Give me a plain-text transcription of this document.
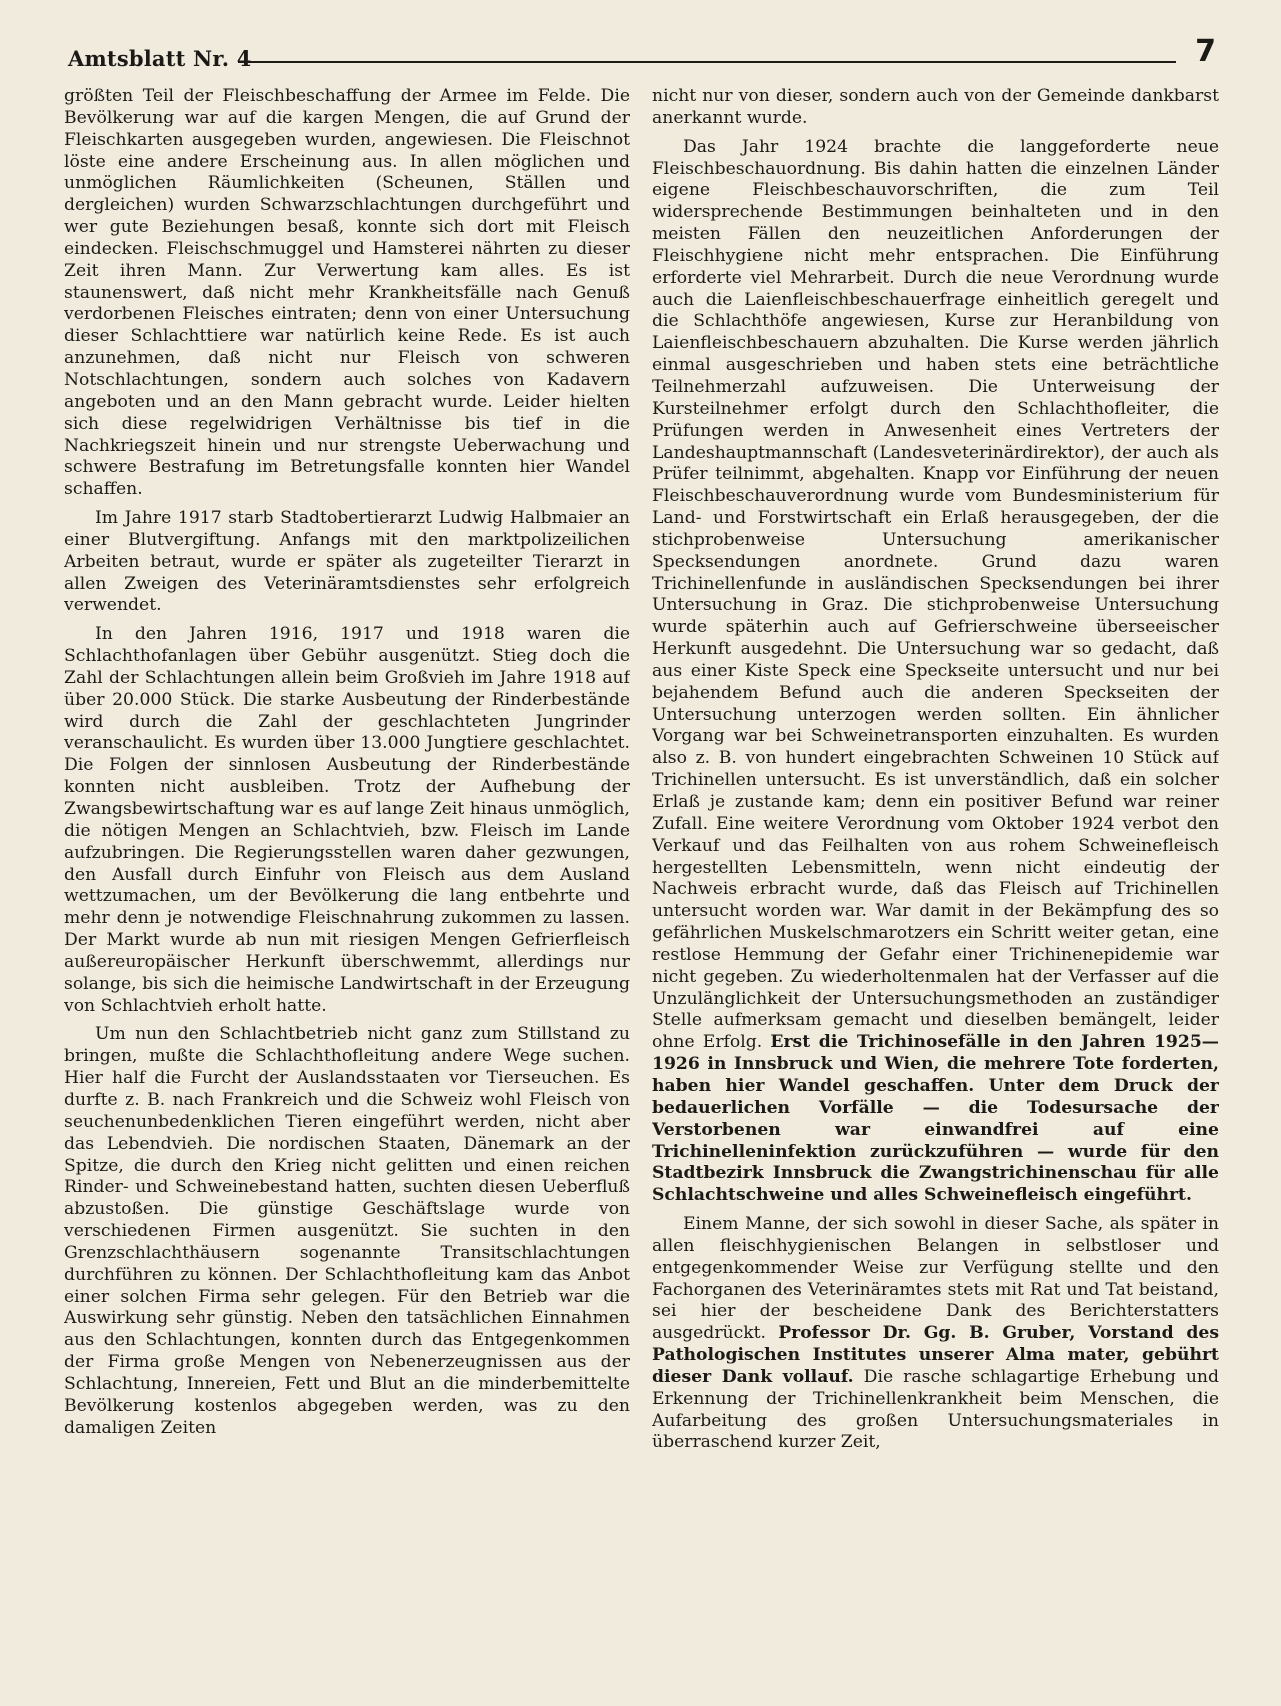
Amtsblatt Nr. 4	7

größten Teil der Fleischbeschaffung der Armee im Felde. Die Bevölkerung war auf die kargen Mengen, die auf Grund der Fleischkarten ausgegeben wurden, angewiesen. Die Fleischnot löste eine andere Erscheinung aus. In allen möglichen und unmöglichen Räumlichkeiten (Scheunen, Ställen und dergleichen) wurden Schwarzschlachtungen durchgeführt und wer gute Beziehungen besaß, konnte sich dort mit Fleisch eindecken. Fleischschmuggel und Hamsterei nährten zu dieser Zeit ihren Mann. Zur Verwertung kam alles. Es ist staunenswert, daß nicht mehr Krankheitsfälle nach Genuß verdorbenen Fleisches eintraten; denn von einer Untersuchung dieser Schlachttiere war natürlich keine Rede. Es ist auch anzunehmen, daß nicht nur Fleisch von schweren Notschlachtungen, sondern auch solches von Kadavern angeboten und an den Mann gebracht wurde. Leider hielten sich diese regelwidrigen Verhältnisse bis tief in die Nachkriegszeit hinein und nur strengste Ueberwachung und schwere Bestrafung im Betretungsfalle konnten hier Wandel schaffen.

Im Jahre 1917 starb Stadtobertierarzt Ludwig Halbmaier an einer Blutvergiftung. Anfangs mit den marktpolizeilichen Arbeiten betraut, wurde er später als zugeteilter Tierarzt in allen Zweigen des Veterinäramtsdienstes sehr erfolgreich verwendet.

In den Jahren 1916, 1917 und 1918 waren die Schlachthofanlagen über Gebühr ausgenützt. Stieg doch die Zahl der Schlachtungen allein beim Großvieh im Jahre 1918 auf über 20.000 Stück. Die starke Ausbeutung der Rinderbestände wird durch die Zahl der geschlachteten Jungrinder veranschaulicht. Es wurden über 13.000 Jungtiere geschlachtet. Die Folgen der sinnlosen Ausbeutung der Rinderbestände konnten nicht ausbleiben. Trotz der Aufhebung der Zwangsbewirtschaftung war es auf lange Zeit hinaus unmöglich, die nötigen Mengen an Schlachtvieh, bzw. Fleisch im Lande aufzubringen. Die Regierungsstellen waren daher gezwungen, den Ausfall durch Einfuhr von Fleisch aus dem Ausland wettzumachen, um der Bevölkerung die lang entbehrte und mehr denn je notwendige Fleischnahrung zukommen zu lassen. Der Markt wurde ab nun mit riesigen Mengen Gefrierfleisch außereuropäischer Herkunft überschwemmt, allerdings nur solange, bis sich die heimische Landwirtschaft in der Erzeugung von Schlachtvieh erholt hatte.

Um nun den Schlachtbetrieb nicht ganz zum Stillstand zu bringen, mußte die Schlachthofleitung andere Wege suchen. Hier half die Furcht der Auslandsstaaten vor Tierseuchen. Es durfte z. B. nach Frankreich und die Schweiz wohl Fleisch von seuchenunbedenklichen Tieren eingeführt werden, nicht aber das Lebendvieh. Die nordischen Staaten, Dänemark an der Spitze, die durch den Krieg nicht gelitten und einen reichen Rinder- und Schweinebestand hatten, suchten diesen Ueberfluß abzustoßen. Die günstige Geschäftslage wurde von verschiedenen Firmen ausgenützt. Sie suchten in den Grenzschlachthäusern sogenannte Transitschlachtungen durchführen zu können. Der Schlachthofleitung kam das Anbot einer solchen Firma sehr gelegen. Für den Betrieb war die Auswirkung sehr günstig. Neben den tatsächlichen Einnahmen aus den Schlachtungen, konnten durch das Entgegenkommen der Firma große Mengen von Nebenerzeugnissen aus der Schlachtung, Innereien, Fett und Blut an die minderbemittelte Bevölkerung kostenlos abgegeben werden, was zu den damaligen Zeiten

nicht nur von dieser, sondern auch von der Gemeinde dankbarst anerkannt wurde.

Das Jahr 1924 brachte die langgeforderte neue Fleischbeschauordnung. Bis dahin hatten die einzelnen Länder eigene Fleischbeschauvorschriften, die zum Teil widersprechende Bestimmungen beinhalteten und in den meisten Fällen den neuzeitlichen Anforderungen der Fleischhygiene nicht mehr entsprachen. Die Einführung erforderte viel Mehrarbeit. Durch die neue Verordnung wurde auch die Laienfleischbeschauerfrage einheitlich geregelt und die Schlachthöfe angewiesen, Kurse zur Heranbildung von Laienfleischbeschauern abzuhalten. Die Kurse werden jährlich einmal ausgeschrieben und haben stets eine beträchtliche Teilnehmerzahl aufzuweisen. Die Unterweisung der Kursteilnehmer erfolgt durch den Schlachthofleiter, die Prüfungen werden in Anwesenheit eines Vertreters der Landeshauptmannschaft (Landesveterinärdirektor), der auch als Prüfer teilnimmt, abgehalten. Knapp vor Einführung der neuen Fleischbeschauverordnung wurde vom Bundesministerium für Land- und Forstwirtschaft ein Erlaß herausgegeben, der die stichprobenweise Untersuchung amerikanischer Specksendungen anordnete. Grund dazu waren Trichinellenfunde in ausländischen Specksendungen bei ihrer Untersuchung in Graz. Die stichprobenweise Untersuchung wurde späterhin auch auf Gefrierschweine überseeischer Herkunft ausgedehnt. Die Untersuchung war so gedacht, daß aus einer Kiste Speck eine Speckseite untersucht und nur bei bejahendem Befund auch die anderen Speckseiten der Untersuchung unterzogen werden sollten. Ein ähnlicher Vorgang war bei Schweinetransporten einzuhalten. Es wurden also z. B. von hundert eingebrachten Schweinen 10 Stück auf Trichinellen untersucht. Es ist unverständlich, daß ein solcher Erlaß je zustande kam; denn ein positiver Befund war reiner Zufall. Eine weitere Verordnung vom Oktober 1924 verbot den Verkauf und das Feilhalten von aus rohem Schweinefleisch hergestellten Lebensmitteln, wenn nicht eindeutig der Nachweis erbracht wurde, daß das Fleisch auf Trichinellen untersucht worden war. War damit in der Bekämpfung des so gefährlichen Muskelschmarotzers ein Schritt weiter getan, eine restlose Hemmung der Gefahr einer Trichinenepidemie war nicht gegeben. Zu wiederholtenmalen hat der Verfasser auf die Unzulänglichkeit der Untersuchungsmethoden an zuständiger Stelle aufmerksam gemacht und dieselben bemängelt, leider ohne Erfolg. Erst die Trichinosefälle in den Jahren 1925—1926 in Innsbruck und Wien, die mehrere Tote forderten, haben hier Wandel geschaffen. Unter dem Druck der bedauerlichen Vorfälle — die Todesursache der Verstorbenen war einwandfrei auf eine Trichinelleninfektion zurückzuführen — wurde für den Stadtbezirk Innsbruck die Zwangstrichinenschau für alle Schlachtschweine und alles Schweinefleisch eingeführt.

Einem Manne, der sich sowohl in dieser Sache, als später in allen fleischhygienischen Belangen in selbstloser und entgegenkommender Weise zur Verfügung stellte und den Fachorganen des Veterinäramtes stets mit Rat und Tat beistand, sei hier der bescheidene Dank des Berichterstatters ausgedrückt. Professor Dr. Gg. B. Gruber, Vorstand des Pathologischen Institutes unserer Alma mater, gebührt dieser Dank vollauf. Die rasche schlagartige Erhebung und Erkennung der Trichinellenkrankheit beim Menschen, die Aufarbeitung des großen Untersuchungsmateriales in überraschend kurzer Zeit,
